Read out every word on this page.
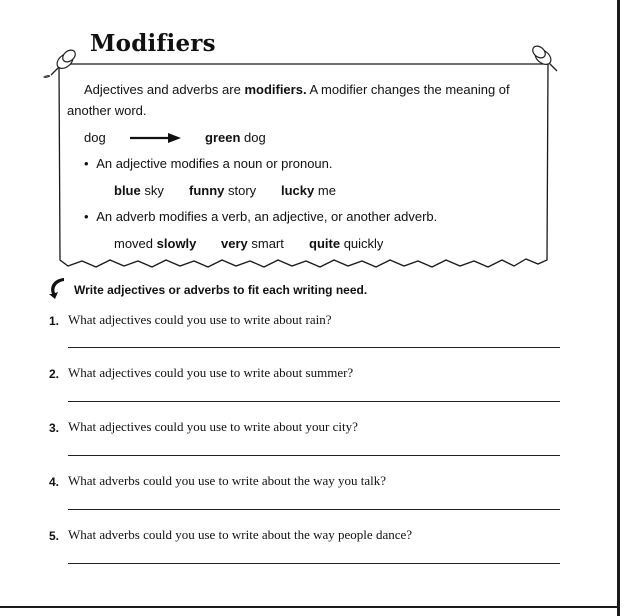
Modifiers
Adjectives and adverbs are modifiers. A modifier changes the meaning of
another word.
dog	green dog
• An adjective modifies a noun or pronoun.
blue sky funny story lucky me
• An adverb modifies a verb, an adjective, or another adverb.
moved slowly very smart quite quickly
Write adjectives or adverbs to fit each writing need.
1. What adjectives could you use to write about rain?
2. What adjectives could you use to write about summer?
3. What adjectives could you use to write about your city?
4. What adverbs could you use to write about the way you talk?
5. What adverbs could you use to write about the way people dance?
